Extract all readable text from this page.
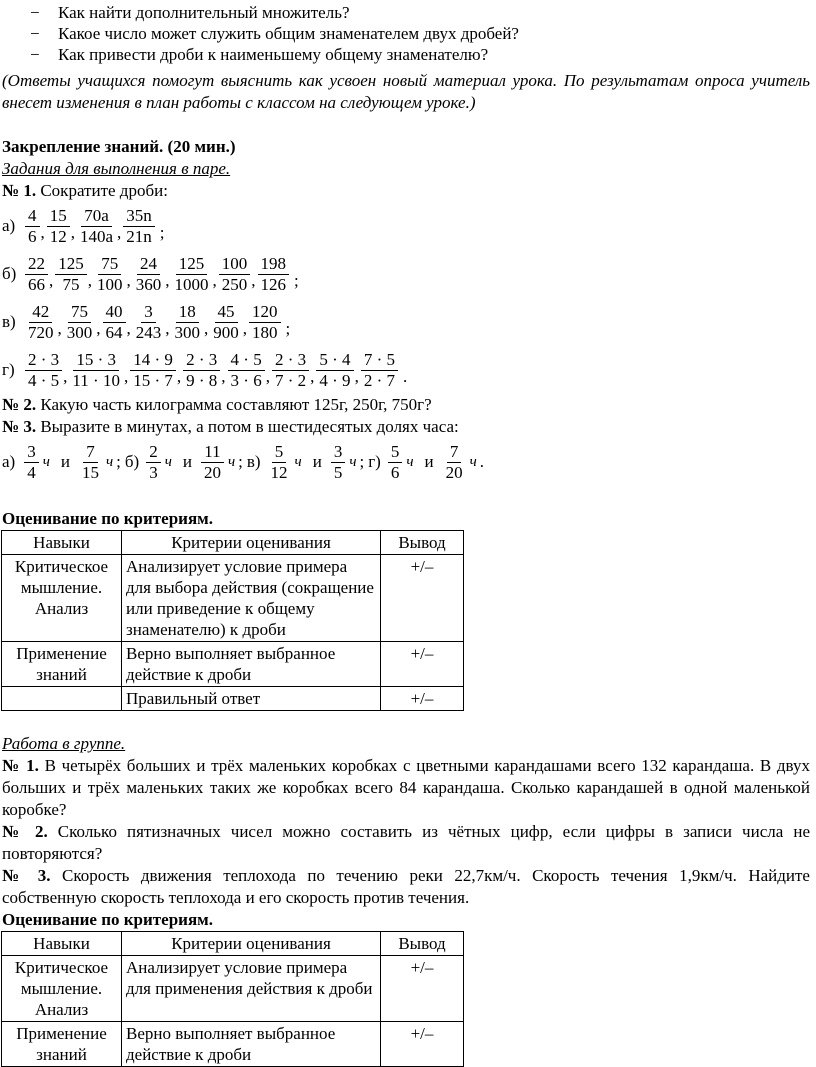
− Как найти дополнительный множитель?
− Какое число может служить общим знаменателем двух дробей?
− Как привести дроби к наименьшему общему знаменателю?
(Ответы учащихся помогут выяснить как усвоен новый материал урока. По результатам опроса учитель внесет изменения в план работы с классом на следующем уроке.)
Закрепление знаний. (20 мин.)
Задания для выполнения в паре.
№ 1. Сократите дроби:
$а) \frac{4}{6}$ , $\frac{15}{12}$ , $\frac{70a}{140a}$ , $\frac{35n}{21n}$ ;
$б) \frac{22}{66}$ , $\frac{125}{75}$ , $\frac{75}{100}$ , $\frac{24}{360}$ , $\frac{125}{1000}$ , $\frac{100}{250}$ , $\frac{198}{126}$ ;
$в) \frac{42}{720}$ , $\frac{75}{300}$ , $\frac{40}{64}$ , $\frac{3}{243}$ , $\frac{18}{300}$ , $\frac{45}{900}$ , $\frac{120}{180}$ ;
$г) \frac{2 \cdot 3}{4 \cdot 5}$ , $\frac{15 \cdot 3}{11 \cdot 10}$ , $\frac{14 \cdot 9}{15 \cdot 7}$ , $\frac{2 \cdot 3}{9 \cdot 8}$ , $\frac{4 \cdot 5}{3 \cdot 6}$ , $\frac{2 \cdot 3}{7 \cdot 2}$ , $\frac{5 \cdot 4}{4 \cdot 9}$ , $\frac{7 \cdot 5}{2 \cdot 7}$ .
№ 2. Какую часть килограмма составляют 125г, 250г, 750г?
№ 3. Выразите в минутах, а потом в шестидесятых долях часа:
$а) \frac{3}{4}$ ч и $\frac{7}{15}$ ч ; $б) \frac{2}{3}$ ч и $\frac{11}{20}$ ч ; $в) \frac{5}{12}$ ч и $\frac{3}{5}$ ч ; $г) \frac{5}{6}$ ч и $\frac{7}{20}$ ч .
Оценивание по критериям.
Навыки	Критерии оценивания	Вывод
Критическое мышление. Анализ	Анализирует условие примера для выбора действия (сокращение или приведение к общему знаменателю) к дроби	+/–
Применение знаний	Верно выполняет выбранное действие к дроби	+/–
	Правильный ответ	+/–
Работа в группе.
№ 1. В четырёх больших и трёх маленьких коробках с цветными карандашами всего 132 карандаша. В двух больших и трёх маленьких таких же коробках всего 84 карандаша. Сколько карандашей в одной маленькой коробке?
№ 2. Сколько пятизначных чисел можно составить из чётных цифр, если цифры в записи числа не повторяются?
№ 3. Скорость движения теплохода по течению реки 22,7км/ч. Скорость течения 1,9км/ч. Найдите собственную скорость теплохода и его скорость против течения.
Оценивание по критериям.
Навыки	Критерии оценивания	Вывод
Критическое мышление. Анализ	Анализирует условие примера для применения действия к дроби	+/–
Применение знаний	Верно выполняет выбранное действие к дроби	+/–
